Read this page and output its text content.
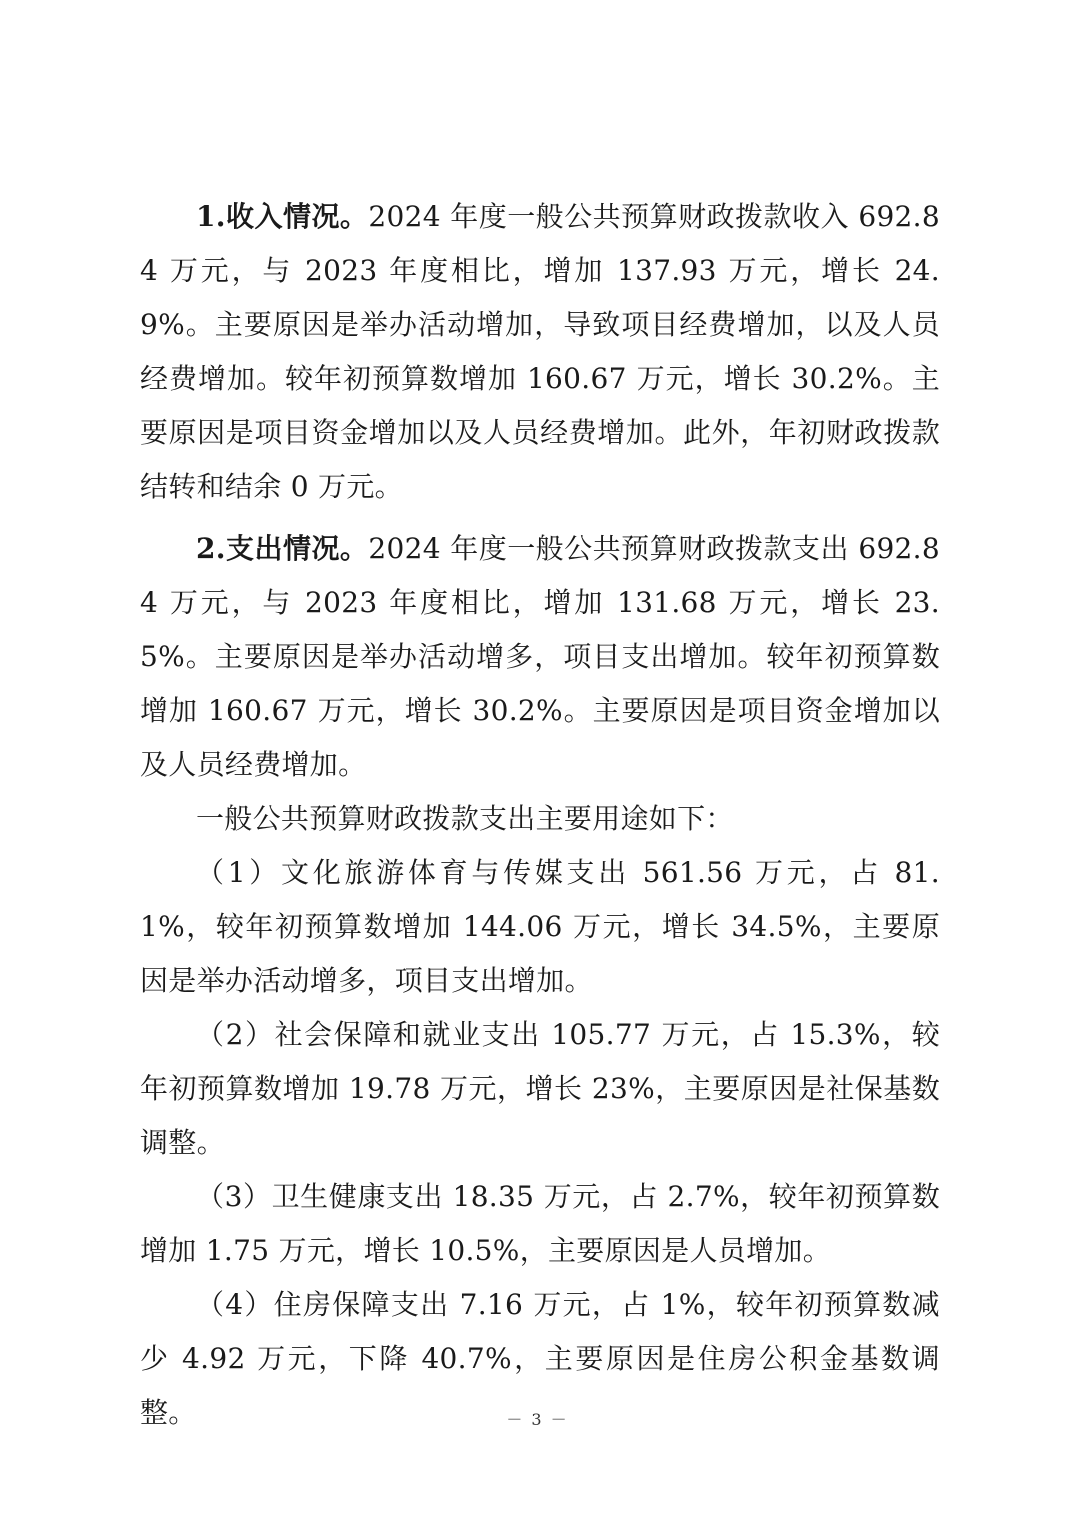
1.收入情况。2024 年度一般公共预算财政拨款收入 692.84 万元，与 2023 年度相比，增加 137.93 万元，增长 24.9%。主要原因是举办活动增加，导致项目经费增加，以及人员经费增加。较年初预算数增加 160.67 万元，增长 30.2%。主要原因是项目资金增加以及人员经费增加。此外，年初财政拨款结转和结余 0 万元。

2.支出情况。2024 年度一般公共预算财政拨款支出 692.84 万元，与 2023 年度相比，增加 131.68 万元，增长 23.5%。主要原因是举办活动增多，项目支出增加。较年初预算数增加 160.67 万元，增长 30.2%。主要原因是项目资金增加以及人员经费增加。

一般公共预算财政拨款支出主要用途如下：

（1）文化旅游体育与传媒支出 561.56 万元，占 81.1%，较年初预算数增加 144.06 万元，增长 34.5%，主要原因是举办活动增多，项目支出增加。

（2）社会保障和就业支出 105.77 万元，占 15.3%，较年初预算数增加 19.78 万元，增长 23%，主要原因是社保基数调整。

（3）卫生健康支出 18.35 万元，占 2.7%，较年初预算数增加 1.75 万元，增长 10.5%，主要原因是人员增加。

（4）住房保障支出 7.16 万元，占 1%，较年初预算数减少 4.92 万元，下降 40.7%，主要原因是住房公积金基数调整。	－ 3 －
